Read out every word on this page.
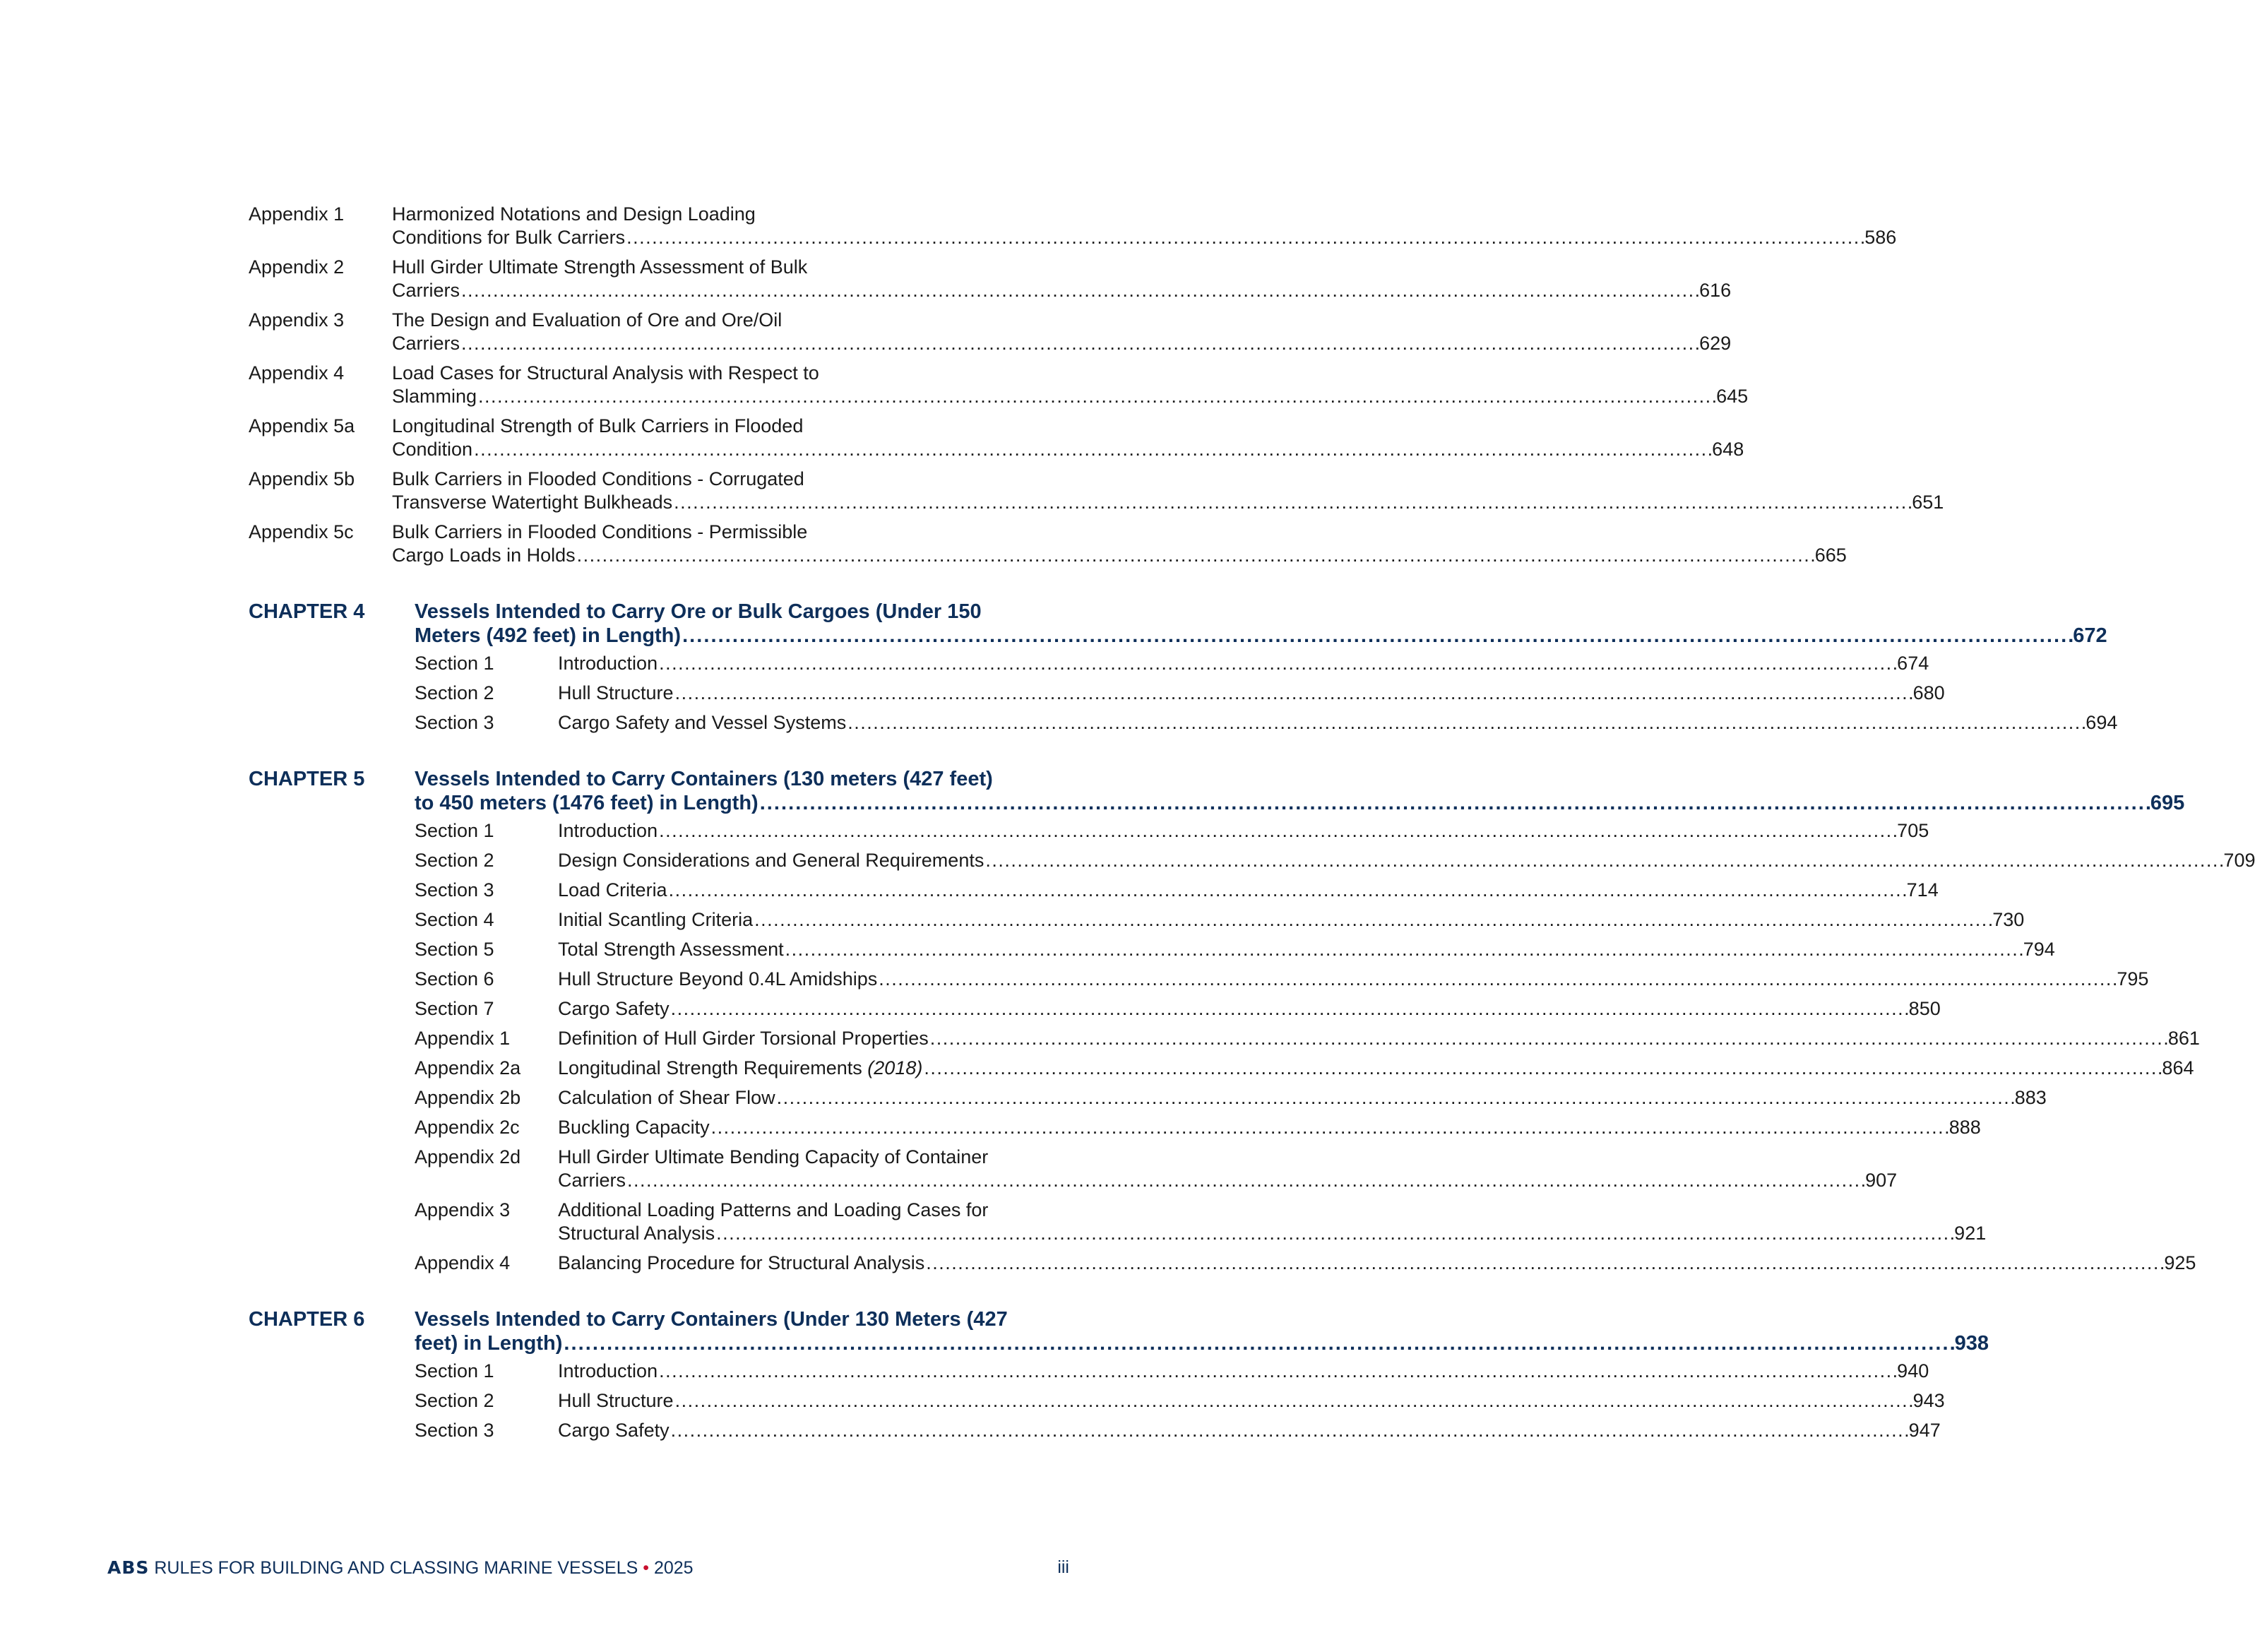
Appendix 1	Harmonized Notations and Design Loading
Conditions for Bulk Carriers . . .	586
Appendix 2	Hull Girder Ultimate Strength Assessment of Bulk
Carriers . . .	616
Appendix 3	The Design and Evaluation of Ore and Ore/Oil
Carriers . . .	629
Appendix 4	Load Cases for Structural Analysis with Respect to
Slamming . . .	645
Appendix 5a	Longitudinal Strength of Bulk Carriers in Flooded
Condition . . .	648
Appendix 5b	Bulk Carriers in Flooded Conditions - Corrugated
Transverse Watertight Bulkheads . . .	651
Appendix 5c	Bulk Carriers in Flooded Conditions - Permissible
Cargo Loads in Holds . . .	665
CHAPTER 4	Vessels Intended to Carry Ore or Bulk Cargoes (Under 150
Meters (492 feet) in Length) . . .	672
Section 1	Introduction . . .	674
Section 2	Hull Structure . . .	680
Section 3	Cargo Safety and Vessel Systems . . .	694
CHAPTER 5	Vessels Intended to Carry Containers (130 meters (427 feet)
to 450 meters (1476 feet) in Length) . . .	695
Section 1	Introduction . . .	705
Section 2	Design Considerations and General Requirements . . .	709
Section 3	Load Criteria . . .	714
Section 4	Initial Scantling Criteria . . .	730
Section 5	Total Strength Assessment . . .	794
Section 6	Hull Structure Beyond 0.4L Amidships . . .	795
Section 7	Cargo Safety . . .	850
Appendix 1	Definition of Hull Girder Torsional Properties . . .	861
Appendix 2a	Longitudinal Strength Requirements (2018) . . .	864
Appendix 2b	Calculation of Shear Flow . . .	883
Appendix 2c	Buckling Capacity . . .	888
Appendix 2d	Hull Girder Ultimate Bending Capacity of Container
Carriers . . .	907
Appendix 3	Additional Loading Patterns and Loading Cases for
Structural Analysis . . .	921
Appendix 4	Balancing Procedure for Structural Analysis . . .	925
CHAPTER 6	Vessels Intended to Carry Containers (Under 130 Meters (427
feet) in Length) . . .	938
Section 1	Introduction . . .	940
Section 2	Hull Structure . . .	943
Section 3	Cargo Safety . . .	947
ABS RULES FOR BUILDING AND CLASSING MARINE VESSELS • 2025	iii
